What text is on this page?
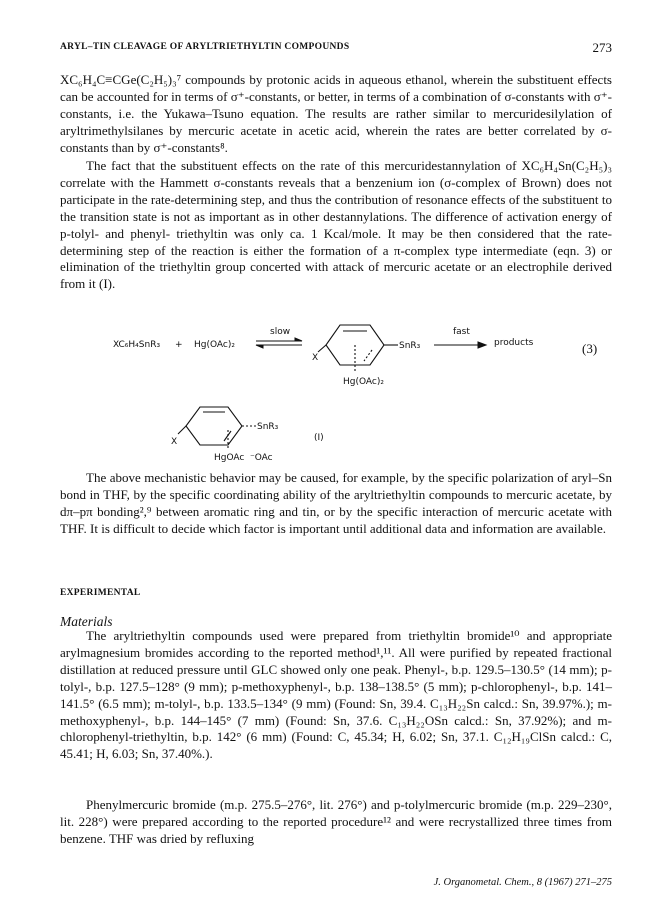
ARYL–TIN CLEAVAGE OF ARYLTRIETHYLTIN COMPOUNDS	273

XC₆H₄C≡CGe(C₂H₅)₃⁷ compounds by protonic acids in aqueous ethanol, wherein the substituent effects can be accounted for in terms of σ⁺-constants, or better, in terms of a combination of σ-constants with σ⁺-constants, i.e. the Yukawa–Tsuno equation. The results are rather similar to mercuridesilylation of aryltrimethylsilanes by mercuric acetate in acetic acid, wherein the rates are better correlated by σ-constants than by σ⁺-constants⁸.

The fact that the substituent effects on the rate of this mercuridestannylation of XC₆H₄Sn(C₂H₅)₃ correlate with the Hammett σ-constants reveals that a benzenium ion (σ-complex of Brown) does not participate in the rate-determining step, and thus the contribution of resonance effects of the substituent to the transition state is not as important as in other destannylations. The difference of activation energy of p-tolyl- and phenyl- triethyltin was only ca. 1 Kcal/mole. It may be then considered that the rate-determining step of the reaction is either the formation of a π-complex type intermediate (eqn. 3) or elimination of the triethyltin group concerted with attack of mercuric acetate or an electrophile derived from it (I).

XC₆H₄SnR₃ + Hg(OAc)₂
slow
SnR₃
X
Hg(OAc)₂
fast
products	(3)
SnR₃
X
HgOAc ⁻OAc
(I)

The above mechanistic behavior may be caused, for example, by the specific polarization of aryl–Sn bond in THF, by the specific coordinating ability of the aryltriethyltin compounds to mercuric acetate, by dπ–pπ bonding²,⁹ between aromatic ring and tin, or by the specific interaction of mercuric acetate with THF. It is difficult to decide which factor is important until additional data and information are available.

EXPERIMENTAL
Materials

The aryltriethyltin compounds used were prepared from triethyltin bromide¹⁰ and appropriate arylmagnesium bromides according to the reported method¹,¹¹. All were purified by repeated fractional distillation at reduced pressure until GLC showed only one peak. Phenyl-, b.p. 129.5–130.5° (14 mm); p-tolyl-, b.p. 127.5–128° (9 mm); p-methoxyphenyl-, b.p. 138–138.5° (5 mm); p-chlorophenyl-, b.p. 141–141.5° (6.5 mm); m-tolyl-, b.p. 133.5–134° (9 mm) (Found: Sn, 39.4. C₁₃H₂₂Sn calcd.: Sn, 39.97%.); m-methoxyphenyl-, b.p. 144–145° (7 mm) (Found: Sn, 37.6. C₁₃H₂₂OSn calcd.: Sn, 37.92%); and m-chlorophenyl-triethyltin, b.p. 142° (6 mm) (Found: C, 45.34; H, 6.02; Sn, 37.1. C₁₂H₁₉ClSn calcd.: C, 45.41; H, 6.03; Sn, 37.40%.).

Phenylmercuric bromide (m.p. 275.5–276°, lit. 276°) and p-tolylmercuric bromide (m.p. 229–230°, lit. 228°) were prepared according to the reported procedure¹² and were recrystallized three times from benzene. THF was dried by refluxing

J. Organometal. Chem., 8 (1967) 271–275
